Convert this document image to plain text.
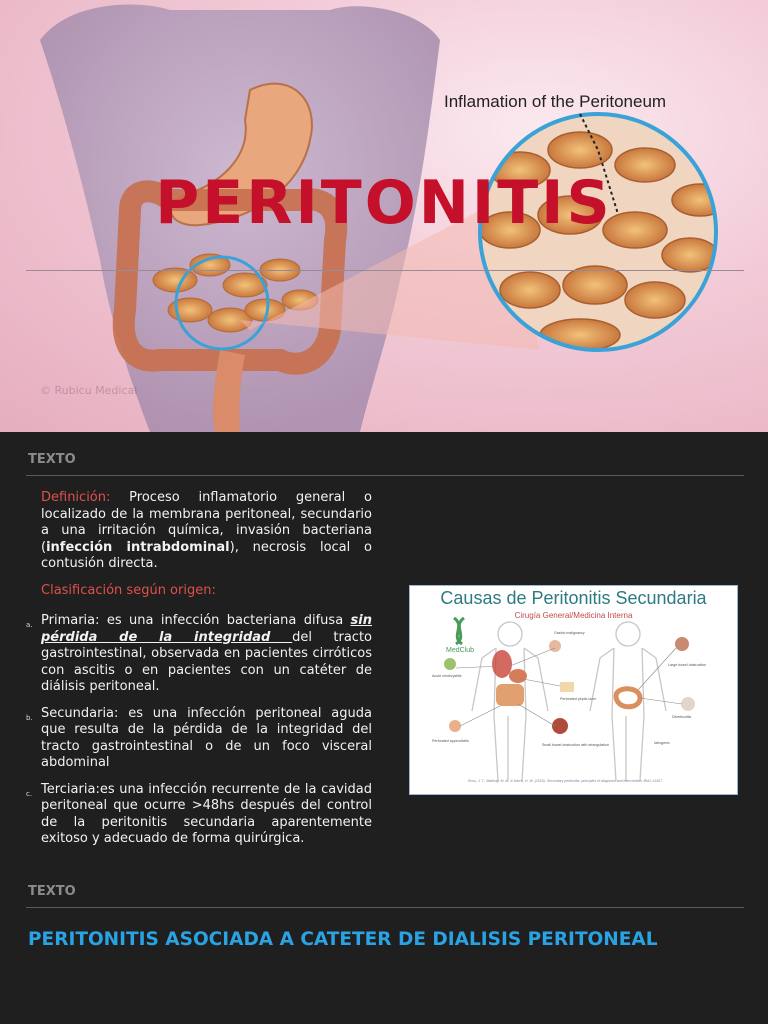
Inflamation of the Peritoneum
PERITONITIS
© Rubicu Medical
TEXTO

Definición: Proceso inflamatorio general o localizado de la membrana peritoneal, secundario a una irritación química, invasión bacteriana (infección intrabdominal), necrosis local o contusión directa.

Clasificación según origen:

a. Primaria: es una infección bacteriana difusa sin pérdida de la integridad del tracto gastrointestinal, observada en pacientes cirróticos con ascitis o en pacientes con un catéter de diálisis peritoneal.
b. Secundaria: es una infección peritoneal aguda que resulta de la pérdida de la integridad del tracto gastrointestinal o de un foco visceral abdominal
c. Terciaria:es una infección recurrente de la cavidad peritoneal que ocurre >48hs después del control de la peritonitis secundaria aparentemente exitoso y adecuado de forma quirúrgica.
MedClub
Gastric malignancy
Acute cholecystitis
Perforated peptic ulcer
Large bowel obstruction
Perforated appendicitis
Small bowel obstruction with strangulation
Diverticulitis
Iatrogenic
Ross, J. T., Matthay, M. A., & Harris, H. W. (2018). Secondary peritonitis: principles of diagnosis and intervention. BMJ, k1407.
Causas de Peritonitis Secundaria
Cirugía General/Medicina Interna
TEXTO
PERITONITIS ASOCIADA A CATETER DE DIALISIS PERITONEAL
